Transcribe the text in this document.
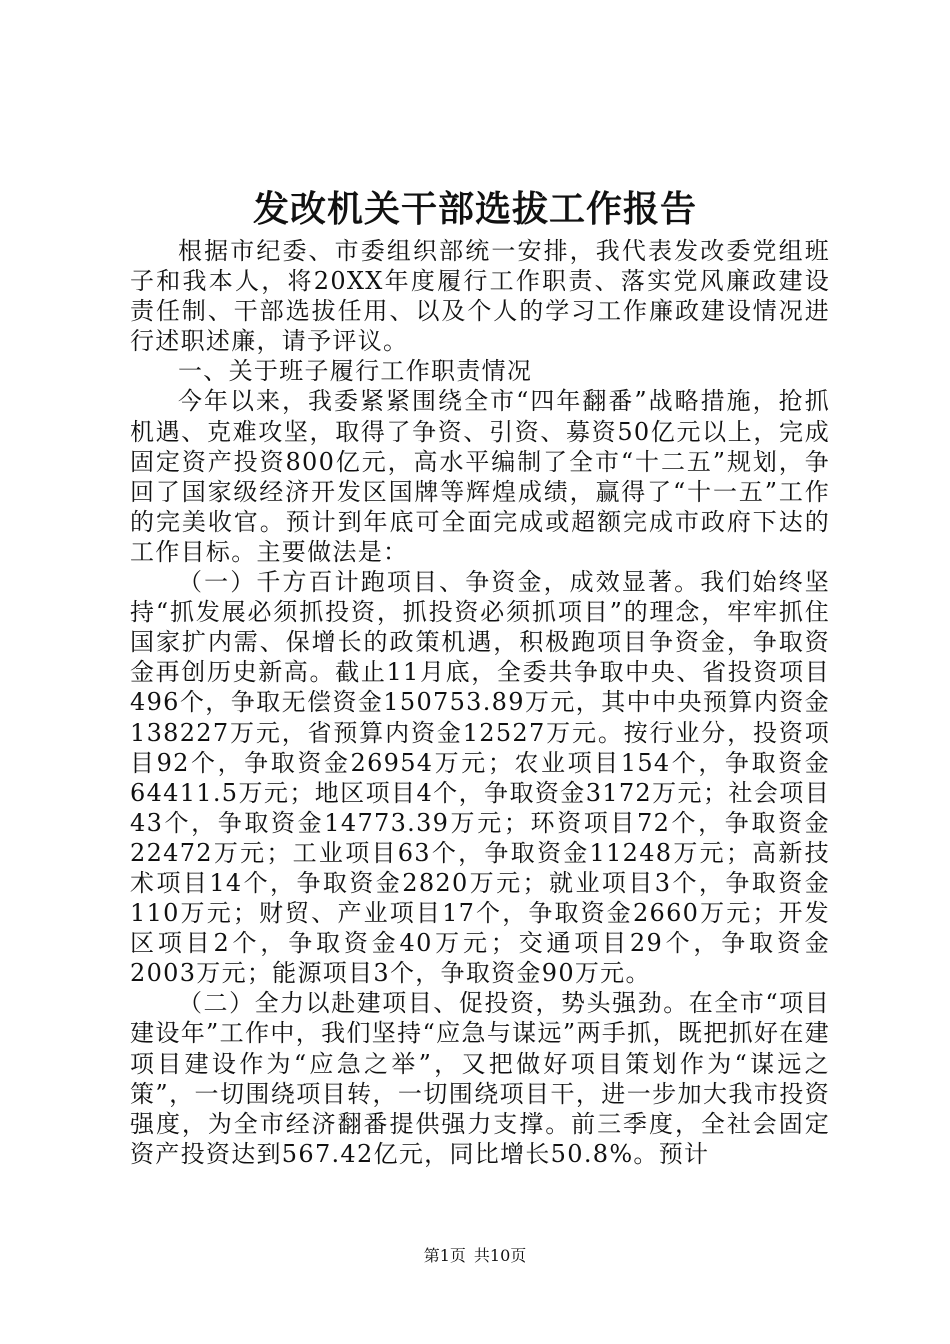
发改机关干部选拔工作报告

根据市纪委、市委组织部统一安排，我代表发改委党组班子和我本人，将20XX年度履行工作职责、落实党风廉政建设责任制、干部选拔任用、以及个人的学习工作廉政建设情况进行述职述廉，请予评议。

一、关于班子履行工作职责情况

今年以来，我委紧紧围绕全市“四年翻番”战略措施，抢抓机遇、克难攻坚，取得了争资、引资、募资50亿元以上，完成固定资产投资800亿元，高水平编制了全市“十二五”规划，争回了国家级经济开发区国牌等辉煌成绩，赢得了“十一五”工作的完美收官。预计到年底可全面完成或超额完成市政府下达的工作目标。主要做法是：

（一）千方百计跑项目、争资金，成效显著。我们始终坚持“抓发展必须抓投资，抓投资必须抓项目”的理念，牢牢抓住国家扩内需、保增长的政策机遇，积极跑项目争资金，争取资金再创历史新高。截止11月底，全委共争取中央、省投资项目496个，争取无偿资金150753.89万元，其中中央预算内资金138227万元，省预算内资金12527万元。按行业分，投资项目92个，争取资金26954万元；农业项目154个，争取资金64411.5万元；地区项目4个，争取资金3172万元；社会项目43个，争取资金14773.39万元；环资项目72个，争取资金22472万元；工业项目63个，争取资金11248万元；高新技术项目14个，争取资金2820万元；就业项目3个，争取资金110万元；财贸、产业项目17个，争取资金2660万元；开发区项目2个，争取资金40万元；交通项目29个，争取资金2003万元；能源项目3个，争取资金90万元。

（二）全力以赴建项目、促投资，势头强劲。在全市“项目建设年”工作中，我们坚持“应急与谋远”两手抓，既把抓好在建项目建设作为“应急之举”，又把做好项目策划作为“谋远之策”，一切围绕项目转，一切围绕项目干，进一步加大我市投资强度，为全市经济翻番提供强力支撑。前三季度，全社会固定资产投资达到567.42亿元，同比增长50.8%。预计

第1页 共10页
